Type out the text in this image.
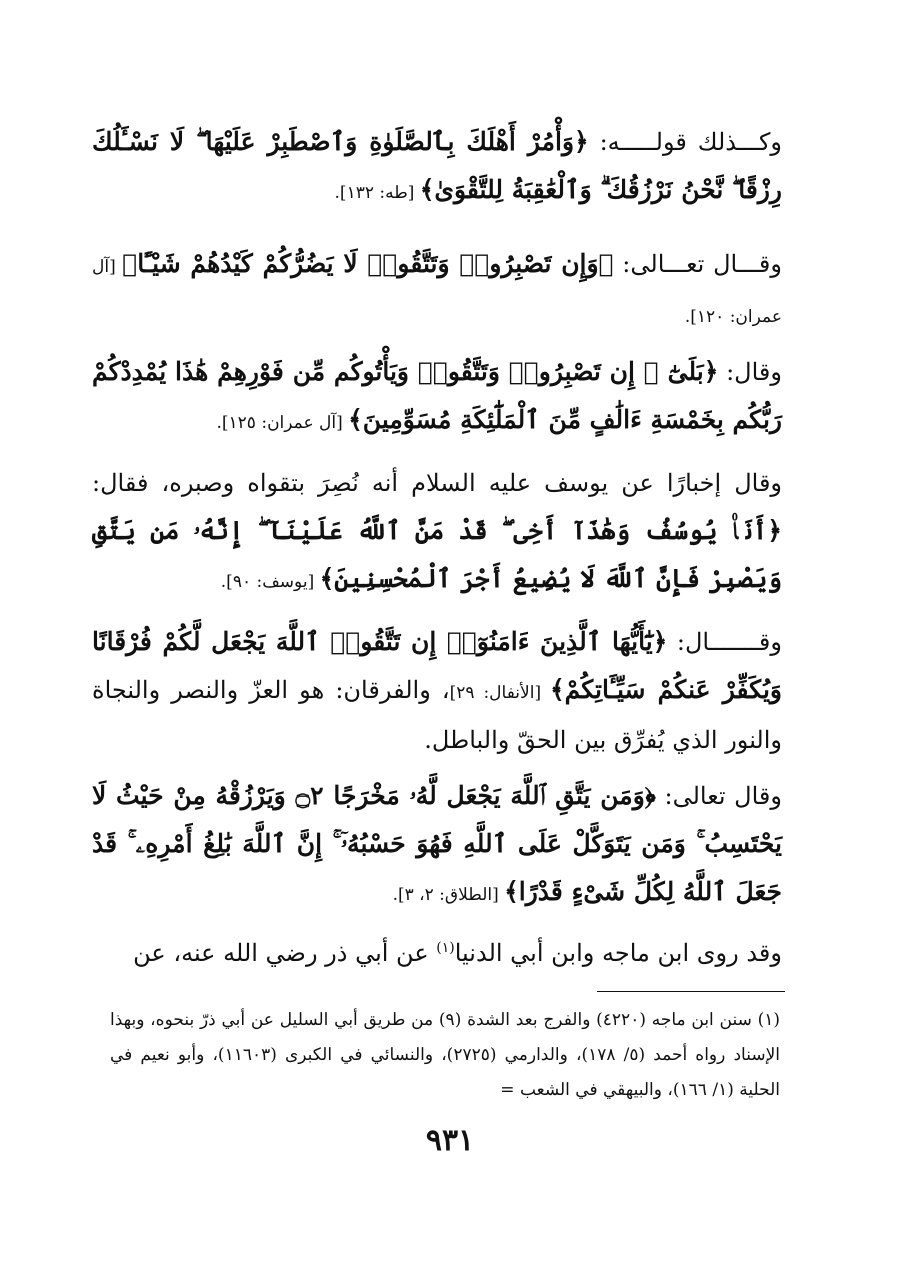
وكـــذلك قولـــــه: ﴿وَأْمُرْ أَهْلَكَ بِٱلصَّلَوٰةِ وَٱصْطَبِرْ عَلَيْهَا ۖ لَا نَسْـَٔلُكَ رِزْقًا ۖ نَّحْنُ نَرْزُقُكَ ۗ وَٱلْعَٰقِبَةُ لِلتَّقْوَىٰ﴾ [طه: ١٣٢].

وقـــال تعـــالى: ﴿وَإِن تَصْبِرُوا۟ وَتَتَّقُوا۟ لَا يَضُرُّكُمْ كَيْدُهُمْ شَيْـًٔا﴾ [آل عمران: ١٢٠].

وقال: ﴿بَلَىٰٓ ۚ إِن تَصْبِرُوا۟ وَتَتَّقُوا۟ وَيَأْتُوكُم مِّن فَوْرِهِمْ هَٰذَا يُمْدِدْكُمْ رَبُّكُم بِخَمْسَةِ ءَالَٰفٍ مِّنَ ٱلْمَلَٰٓئِكَةِ مُسَوِّمِينَ﴾ [آل عمران: ١٢٥].

وقال إخبارًا عن يوسف عليه السلام أنه نُصِرَ بتقواه وصبره، فقال: ﴿أَنَا۠ يُوسُفُ وَهَٰذَآ أَخِى ۖ قَدْ مَنَّ ٱللَّهُ عَلَيْنَآ ۖ إِنَّهُۥ مَن يَتَّقِ وَيَصْبِرْ فَإِنَّ ٱللَّهَ لَا يُضِيعُ أَجْرَ ٱلْمُحْسِنِينَ﴾ [يوسف: ٩٠].

وقـــــــال: ﴿يَٰٓأَيُّهَا ٱلَّذِينَ ءَامَنُوٓا۟ إِن تَتَّقُوا۟ ٱللَّهَ يَجْعَل لَّكُمْ فُرْقَانًا وَيُكَفِّرْ عَنكُمْ سَيِّـَٔاتِكُمْ﴾ [الأنفال: ٢٩]، والفرقان: هو العزّ والنصر والنجاة والنور الذي يُفرِّق بين الحقّ والباطل.

وقال تعالى: ﴿وَمَن يَتَّقِ ٱللَّهَ يَجْعَل لَّهُۥ مَخْرَجًا ۝٢ وَيَرْزُقْهُ مِنْ حَيْثُ لَا يَحْتَسِبُ ۚ وَمَن يَتَوَكَّلْ عَلَى ٱللَّهِ فَهُوَ حَسْبُهُۥٓ ۚ إِنَّ ٱللَّهَ بَٰلِغُ أَمْرِهِۦ ۚ قَدْ جَعَلَ ٱللَّهُ لِكُلِّ شَىْءٍ قَدْرًا﴾ [الطلاق: ٢، ٣].

وقد روى ابن ماجه وابن أبي الدنيا$^{(١)}$ عن أبي ذر رضي الله عنه، عن

(١) سنن ابن ماجه (٤٢٢٠) والفرج بعد الشدة (٩) من طريق أبي السليل عن أبي ذرّ بنحوه، وبهذا الإسناد رواه أحمد (٥/ ١٧٨)، والدارمي (٢٧٢٥)، والنسائي في الكبرى (١١٦٠٣)، وأبو نعيم في الحلية (١/ ١٦٦)، والبيهقي في الشعب =

٩٣١
